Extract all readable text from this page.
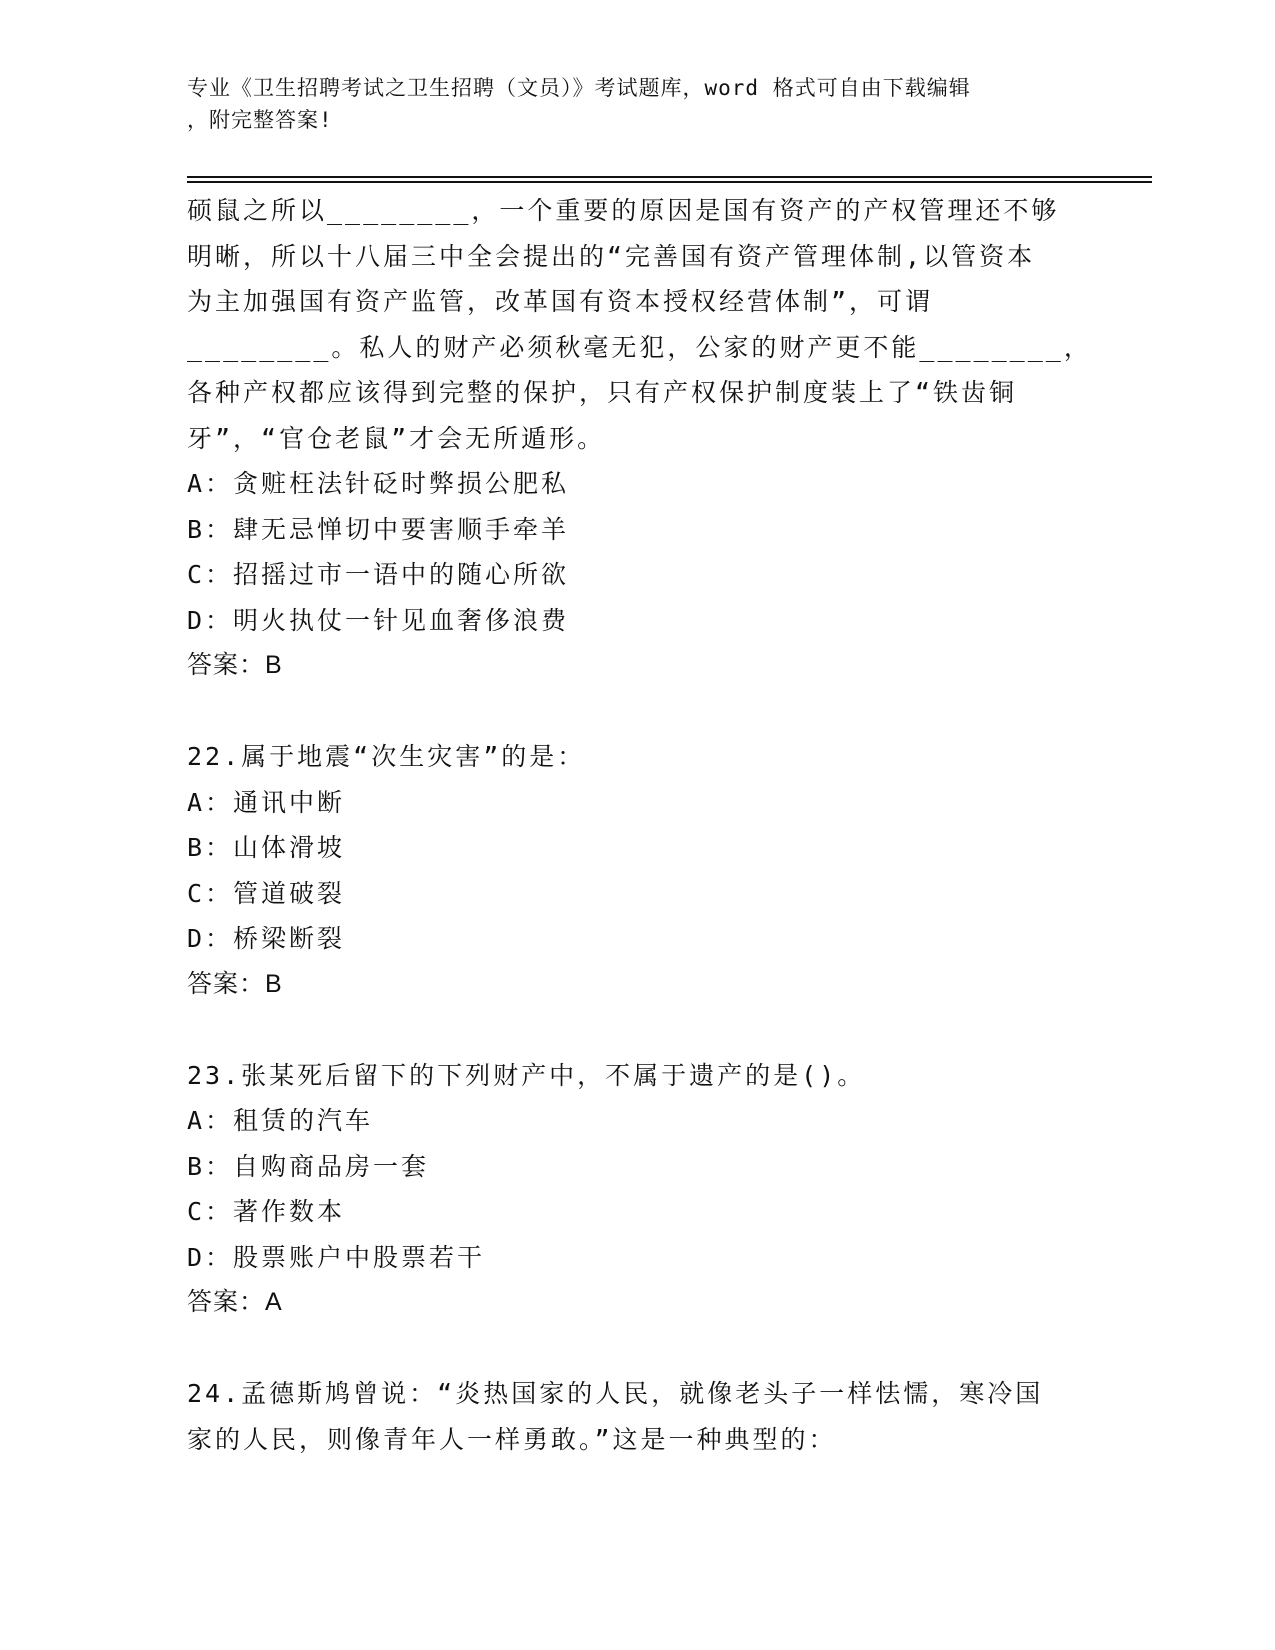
专业《卫生招聘考试之卫生招聘（文员）》考试题库，word 格式可自由下载编辑
，附完整答案!
硕鼠之所以________，一个重要的原因是国有资产的产权管理还不够
明晰，所以十八届三中全会提出的“完善国有资产管理体制,以管资本
为主加强国有资产监管，改革国有资本授权经营体制”，可谓
________。私人的财产必须秋毫无犯，公家的财产更不能________，
各种产权都应该得到完整的保护，只有产权保护制度装上了“铁齿铜
牙”，“官仓老鼠”才会无所遁形。
A：贪赃枉法针砭时弊损公肥私
B：肆无忌惮切中要害顺手牵羊
C：招摇过市一语中的随心所欲
D：明火执仗一针见血奢侈浪费
答案：B
22.属于地震“次生灾害”的是：
A：通讯中断
B：山体滑坡
C：管道破裂
D：桥梁断裂
答案：B
23.张某死后留下的下列财产中，不属于遗产的是()。
A：租赁的汽车
B：自购商品房一套
C：著作数本
D：股票账户中股票若干
答案：A
24.孟德斯鸠曾说：“炎热国家的人民，就像老头子一样怯懦，寒冷国
家的人民，则像青年人一样勇敢。”这是一种典型的：
